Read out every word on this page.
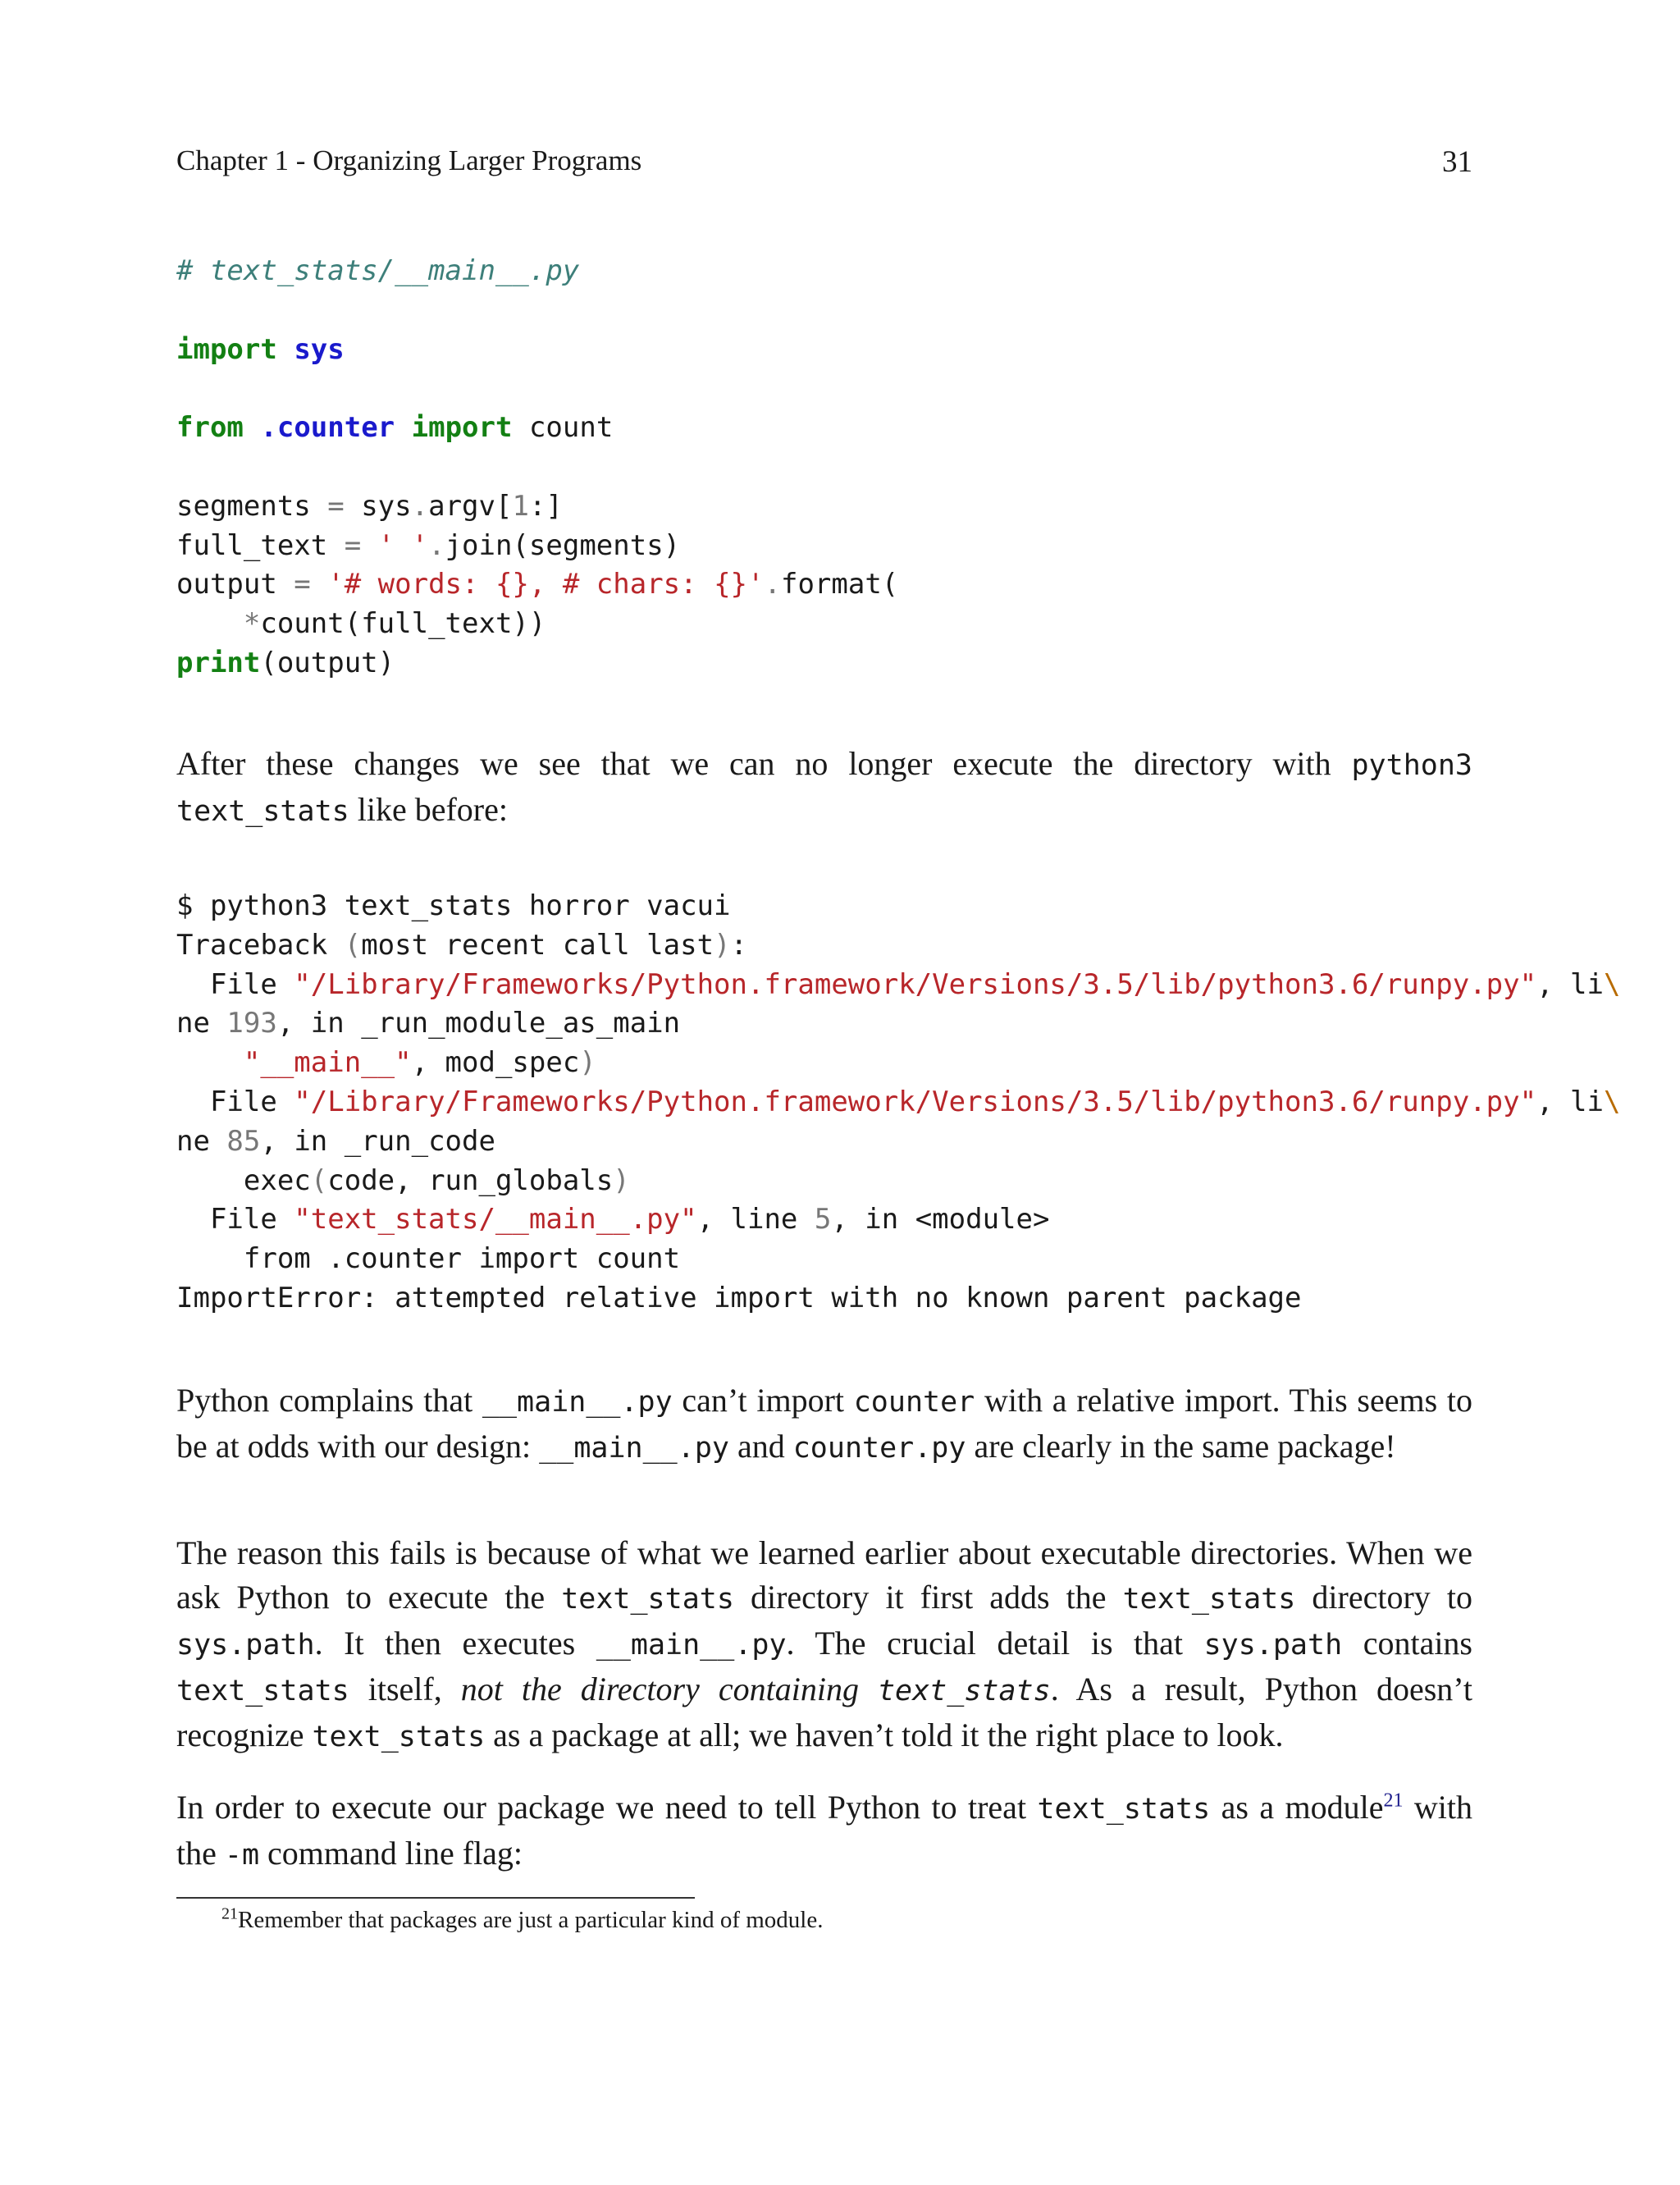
Chapter 1 - Organizing Larger Programs	31
# text_stats/__main__.py

import sys

from .counter import count

segments = sys.argv[1:]
full_text = ' '.join(segments)
output = '# words: {}, # chars: {}'.format(
*count(full_text))
print(output)

After these changes we see that we can no longer execute the directory with python3 text_stats like before:

$ python3 text_stats horror vacui
Traceback (most recent call last):
File "/Library/Frameworks/Python.framework/Versions/3.5/lib/python3.6/runpy.py", li\
ne 193, in _run_module_as_main
"__main__", mod_spec)
File "/Library/Frameworks/Python.framework/Versions/3.5/lib/python3.6/runpy.py", li\
ne 85, in _run_code
exec(code, run_globals)
File "text_stats/__main__.py", line 5, in <module>
from .counter import count
ImportError: attempted relative import with no known parent package

Python complains that __main__.py can’t import counter with a relative import. This seems to be at odds with our design: __main__.py and counter.py are clearly in the same package!

The reason this fails is because of what we learned earlier about executable directories. When we ask Python to execute the text_stats directory it first adds the text_stats directory to sys.path. It then executes __main__.py. The crucial detail is that sys.path contains text_stats itself, not the directory containing text_stats. As a result, Python doesn’t recognize text_stats as a package at all; we haven’t told it the right place to look.

In order to execute our package we need to tell Python to treat text_stats as a module$^{21}$ with the -m command line flag:

$^{21}$Remember that packages are just a particular kind of module.
